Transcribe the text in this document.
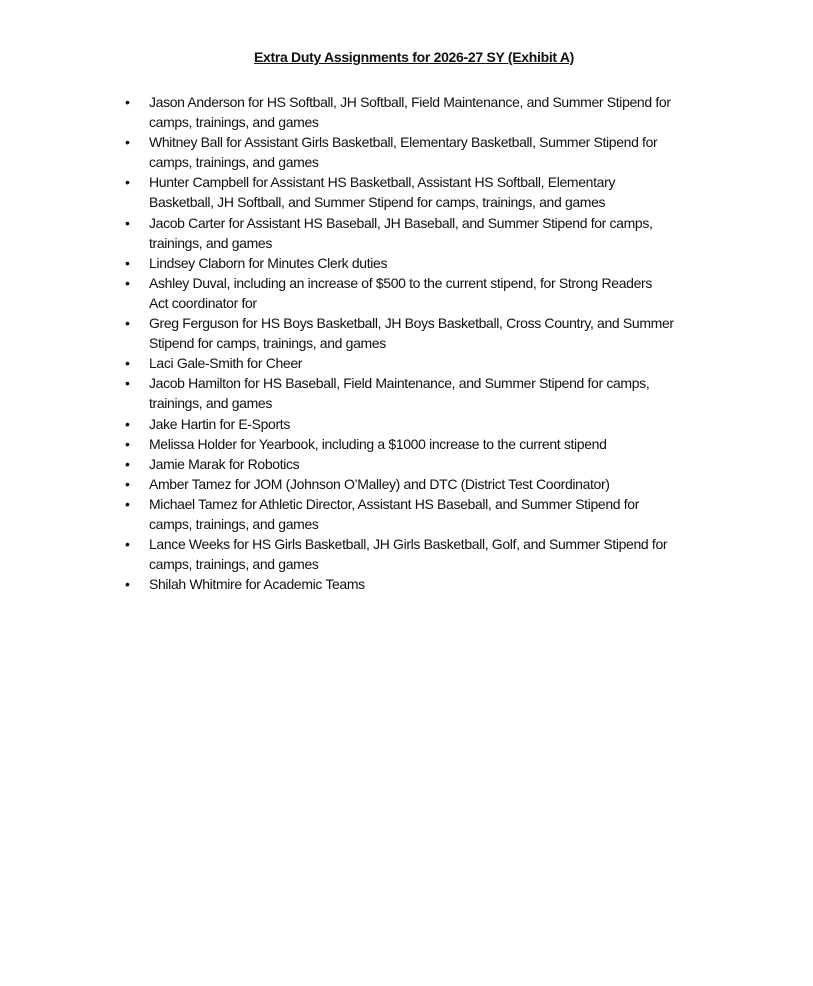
Extra Duty Assignments for 2026-27 SY (Exhibit A)
• Jason Anderson for HS Softball, JH Softball, Field Maintenance, and Summer Stipend for
camps, trainings, and games
• Whitney Ball for Assistant Girls Basketball, Elementary Basketball, Summer Stipend for
camps, trainings, and games
• Hunter Campbell for Assistant HS Basketball, Assistant HS Softball, Elementary
Basketball, JH Softball, and Summer Stipend for camps, trainings, and games
• Jacob Carter for Assistant HS Baseball, JH Baseball, and Summer Stipend for camps,
trainings, and games
• Lindsey Claborn for Minutes Clerk duties
• Ashley Duval, including an increase of $500 to the current stipend, for Strong Readers
Act coordinator for
• Greg Ferguson for HS Boys Basketball, JH Boys Basketball, Cross Country, and Summer
Stipend for camps, trainings, and games
• Laci Gale-Smith for Cheer
• Jacob Hamilton for HS Baseball, Field Maintenance, and Summer Stipend for camps,
trainings, and games
• Jake Hartin for E-Sports
• Melissa Holder for Yearbook, including a $1000 increase to the current stipend
• Jamie Marak for Robotics
• Amber Tamez for JOM (Johnson O’Malley) and DTC (District Test Coordinator)
• Michael Tamez for Athletic Director, Assistant HS Baseball, and Summer Stipend for
camps, trainings, and games
• Lance Weeks for HS Girls Basketball, JH Girls Basketball, Golf, and Summer Stipend for
camps, trainings, and games
• Shilah Whitmire for Academic Teams
